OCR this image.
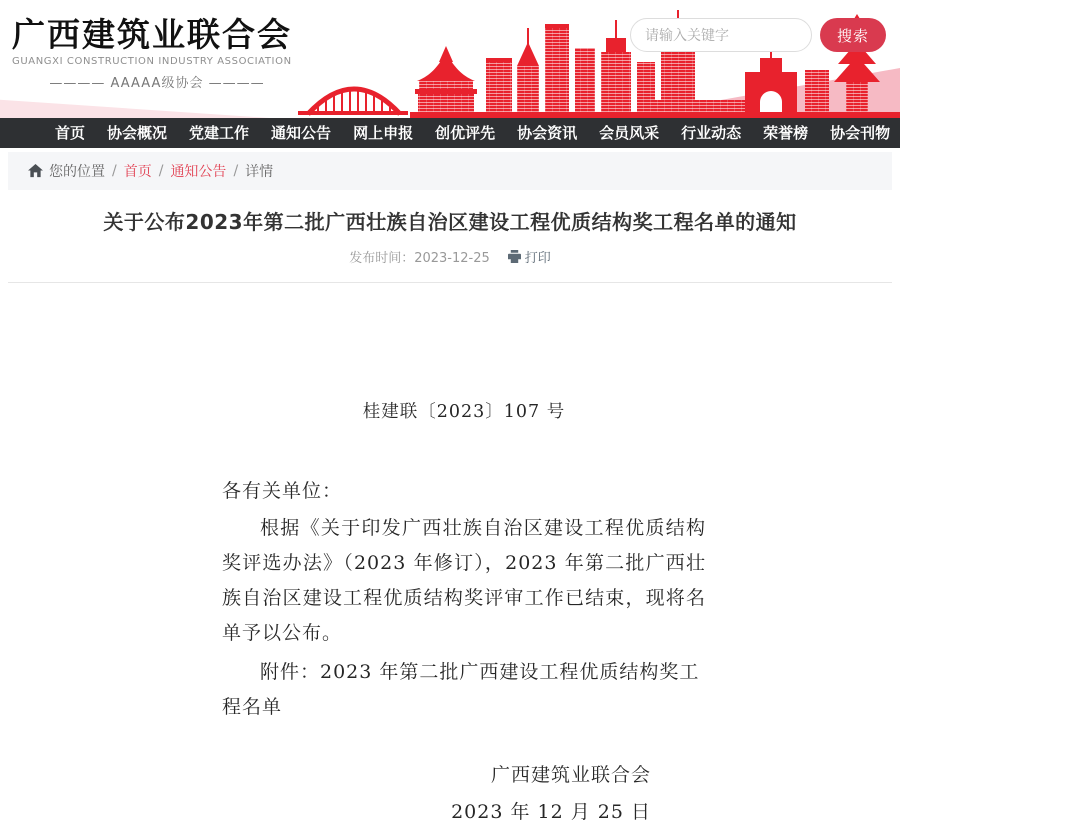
广西建筑业联合会
GUANGXI CONSTRUCTION INDUSTRY ASSOCIATION
———— AAAAA级协会 ————
请输入关键字
搜索
首页	协会概况	党建工作	通知公告	网上申报	创优评先	协会资讯	会员风采	行业动态	荣誉榜	协会刊物	分支机构	联系我们
您的位置 / 首页 / 通知公告 / 详情
关于公布2023年第二批广西壮族自治区建设工程优质结构奖工程名单的通知
发布时间：2023-12-25	打印
桂建联〔2023〕107 号
各有关单位：
根据《关于印发广西壮族自治区建设工程优质结构奖评选办法》（2023 年修订），2023 年第二批广西壮族自治区建设工程优质结构奖评审工作已结束，现将名单予以公布。
附件：2023 年第二批广西建设工程优质结构奖工程名单
广西建筑业联合会
2023 年 12 月 25 日
